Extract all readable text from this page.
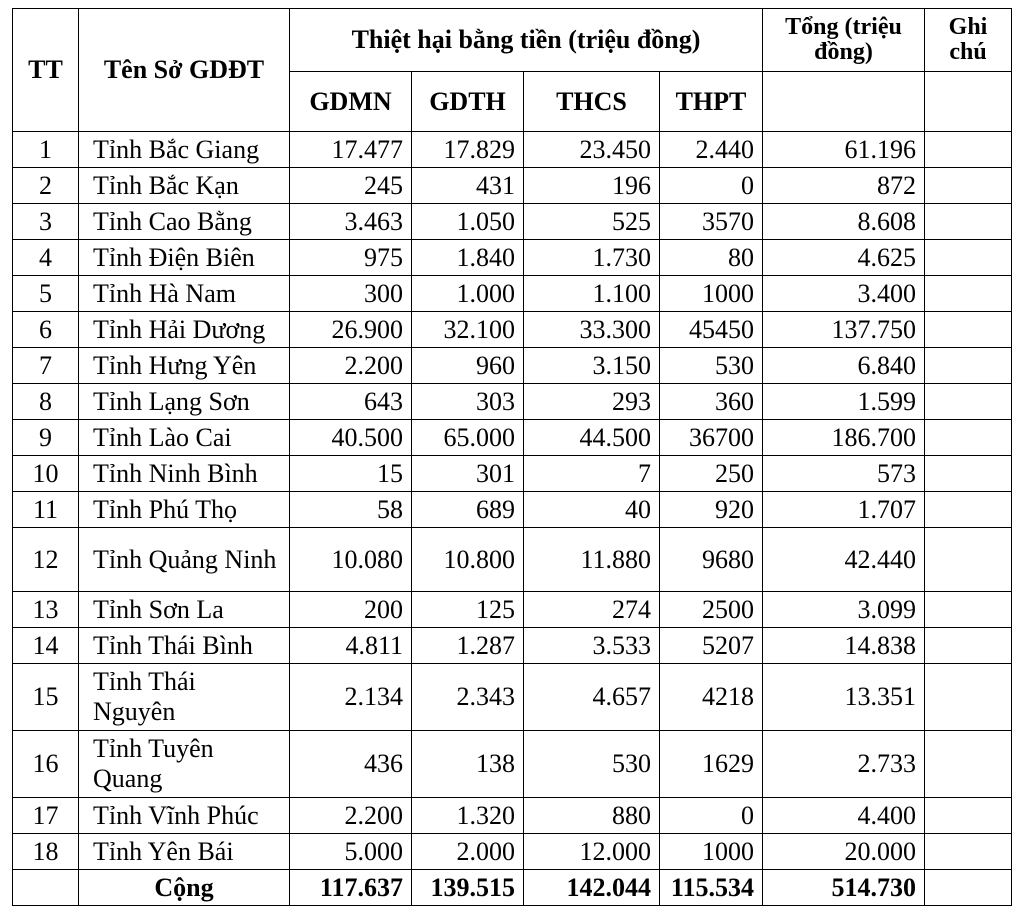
TT	Tên Sở GDĐT	Thiệt hại bằng tiền (triệu đồng)				Tổng (triệu đồng)	Ghi chú
		GDMN	GDTH	THCS	THPT		
1	Tỉnh Bắc Giang	17.477	17.829	23.450	2.440	61.196	
2	Tỉnh Bắc Kạn	245	431	196	0	872	
3	Tỉnh Cao Bằng	3.463	1.050	525	3570	8.608	
4	Tỉnh Điện Biên	975	1.840	1.730	80	4.625	
5	Tỉnh Hà Nam	300	1.000	1.100	1000	3.400	
6	Tỉnh Hải Dương	26.900	32.100	33.300	45450	137.750	
7	Tỉnh Hưng Yên	2.200	960	3.150	530	6.840	
8	Tỉnh Lạng Sơn	643	303	293	360	1.599	
9	Tỉnh Lào Cai	40.500	65.000	44.500	36700	186.700	
10	Tỉnh Ninh Bình	15	301	7	250	573	
11	Tỉnh Phú Thọ	58	689	40	920	1.707	
12	Tỉnh Quảng Ninh	10.080	10.800	11.880	9680	42.440	
13	Tỉnh Sơn La	200	125	274	2500	3.099	
14	Tỉnh Thái Bình	4.811	1.287	3.533	5207	14.838	
15	Tỉnh Thái Nguyên	2.134	2.343	4.657	4218	13.351	
16	Tỉnh Tuyên Quang	436	138	530	1629	2.733	
17	Tỉnh Vĩnh Phúc	2.200	1.320	880	0	4.400	
18	Tỉnh Yên Bái	5.000	2.000	12.000	1000	20.000	
	Cộng	117.637	139.515	142.044	115.534	514.730	
